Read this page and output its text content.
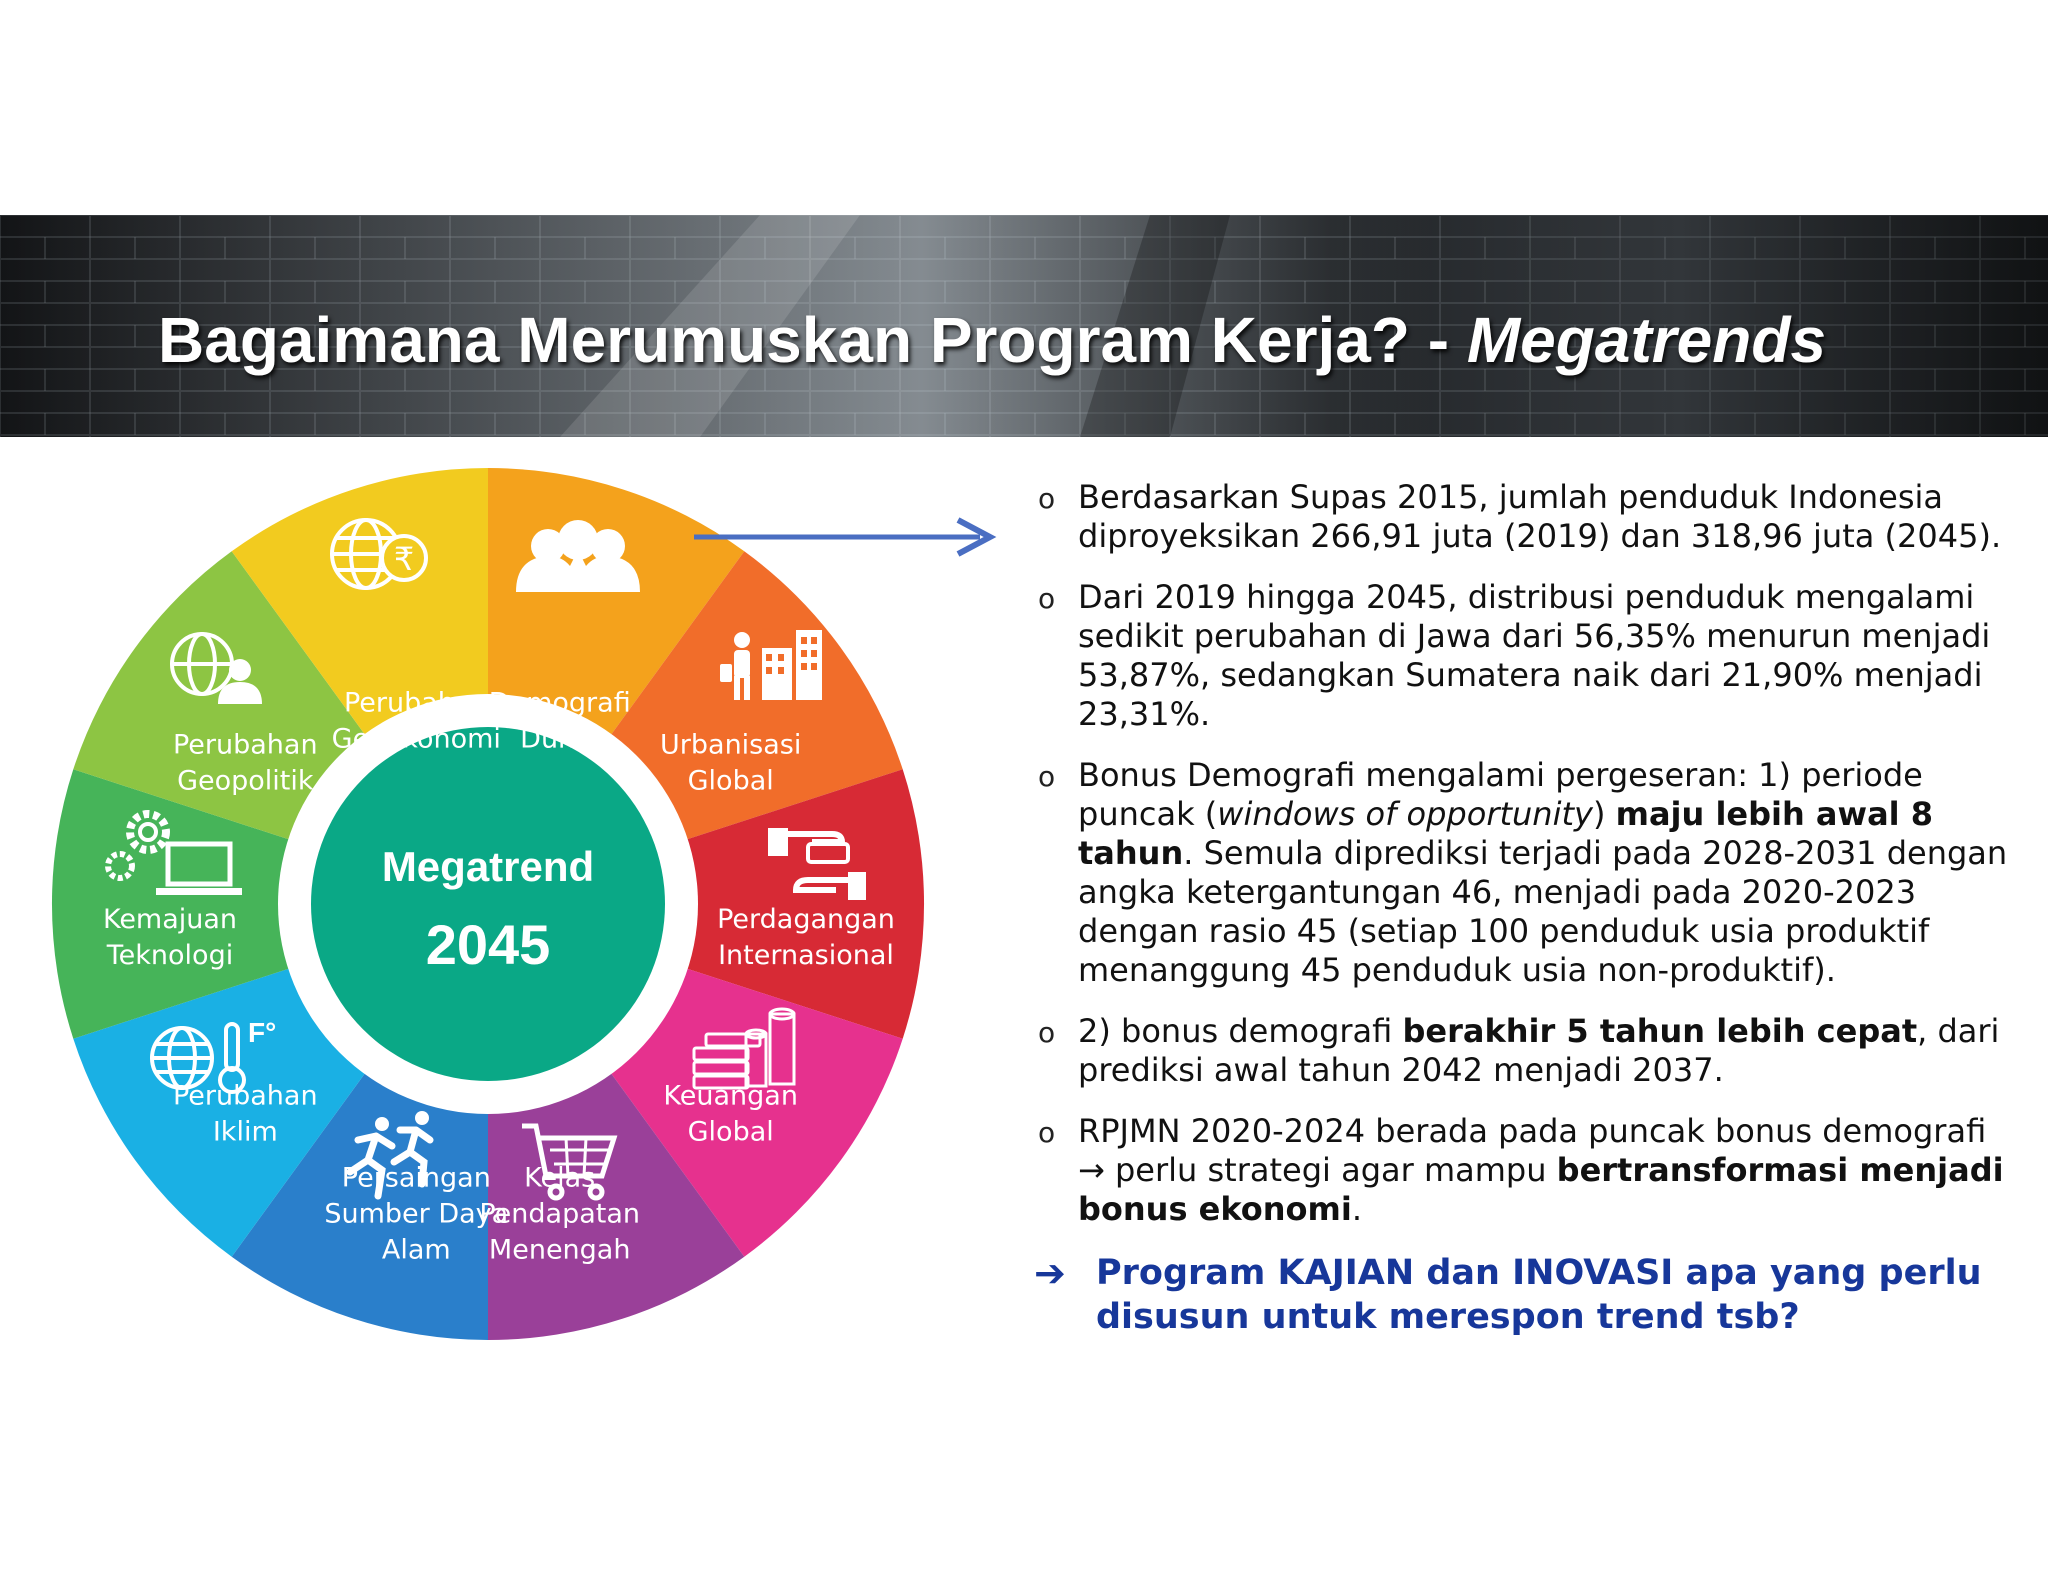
Bagaimana Merumuskan Program Kerja? - Megatrends
Megatrend
2045
Demografi Dunia	Urbanisasi Global
Perdagangan Internasional
Keuangan Global
Kelas Pendapatan Menengah
Persaingan Sumber Daya Alam
Perubahan Iklim
Kemajuan Teknologi
Perubahan Geopolitik
Perubahan Geoekonomi
F°
₹
o Berdasarkan Supas 2015, jumlah penduduk Indonesia diproyeksikan 266,91 juta (2019) dan 318,96 juta (2045).
o Dari 2019 hingga 2045, distribusi penduduk mengalami sedikit perubahan di Jawa dari 56,35% menurun menjadi 53,87%, sedangkan Sumatera naik dari 21,90% menjadi 23,31%.
o Bonus Demografi mengalami pergeseran: 1) periode puncak (windows of opportunity) maju lebih awal 8 tahun. Semula diprediksi terjadi pada 2028-2031 dengan angka ketergantungan 46, menjadi pada 2020-2023 dengan rasio 45 (setiap 100 penduduk usia produktif menanggung 45 penduduk usia non-produktif).
o 2) bonus demografi berakhir 5 tahun lebih cepat, dari prediksi awal tahun 2042 menjadi 2037.
o RPJMN 2020-2024 berada pada puncak bonus demografi → perlu strategi agar mampu bertransformasi menjadi bonus ekonomi.
➔ Program KAJIAN dan INOVASI apa yang perlu disusun untuk merespon trend tsb?
